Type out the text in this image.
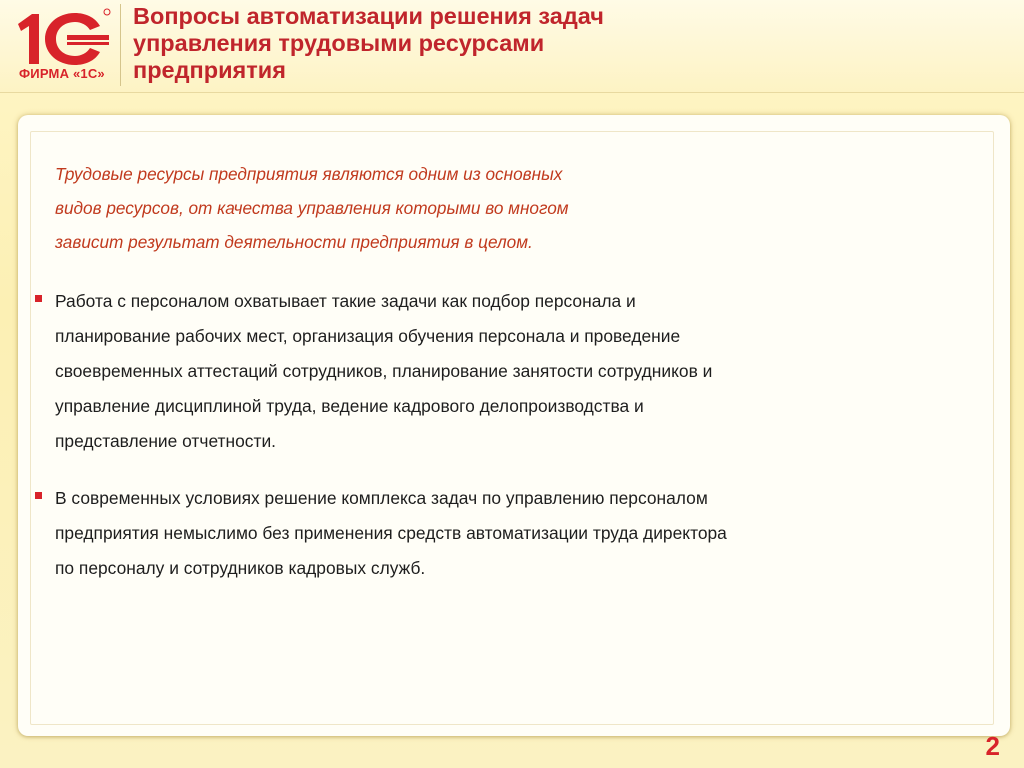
ФИРМА «1С»
Вопросы автоматизации решения задач
управления трудовыми ресурсами
предприятия

Трудовые ресурсы предприятия являются одним из основных

видов ресурсов, от качества управления которыми во многом

зависит результат деятельности предприятия в целом.

Работа с персоналом охватывает такие задачи как подбор персонала и

планирование рабочих мест, организация обучения персонала и проведение

своевременных аттестаций сотрудников, планирование занятости сотрудников и

управление дисциплиной труда, ведение кадрового делопроизводства и

представление отчетности.

В современных условиях решение комплекса задач по управлению персоналом

предприятия немыслимо без применения средств автоматизации труда директора

по персоналу и сотрудников кадровых служб.

2
